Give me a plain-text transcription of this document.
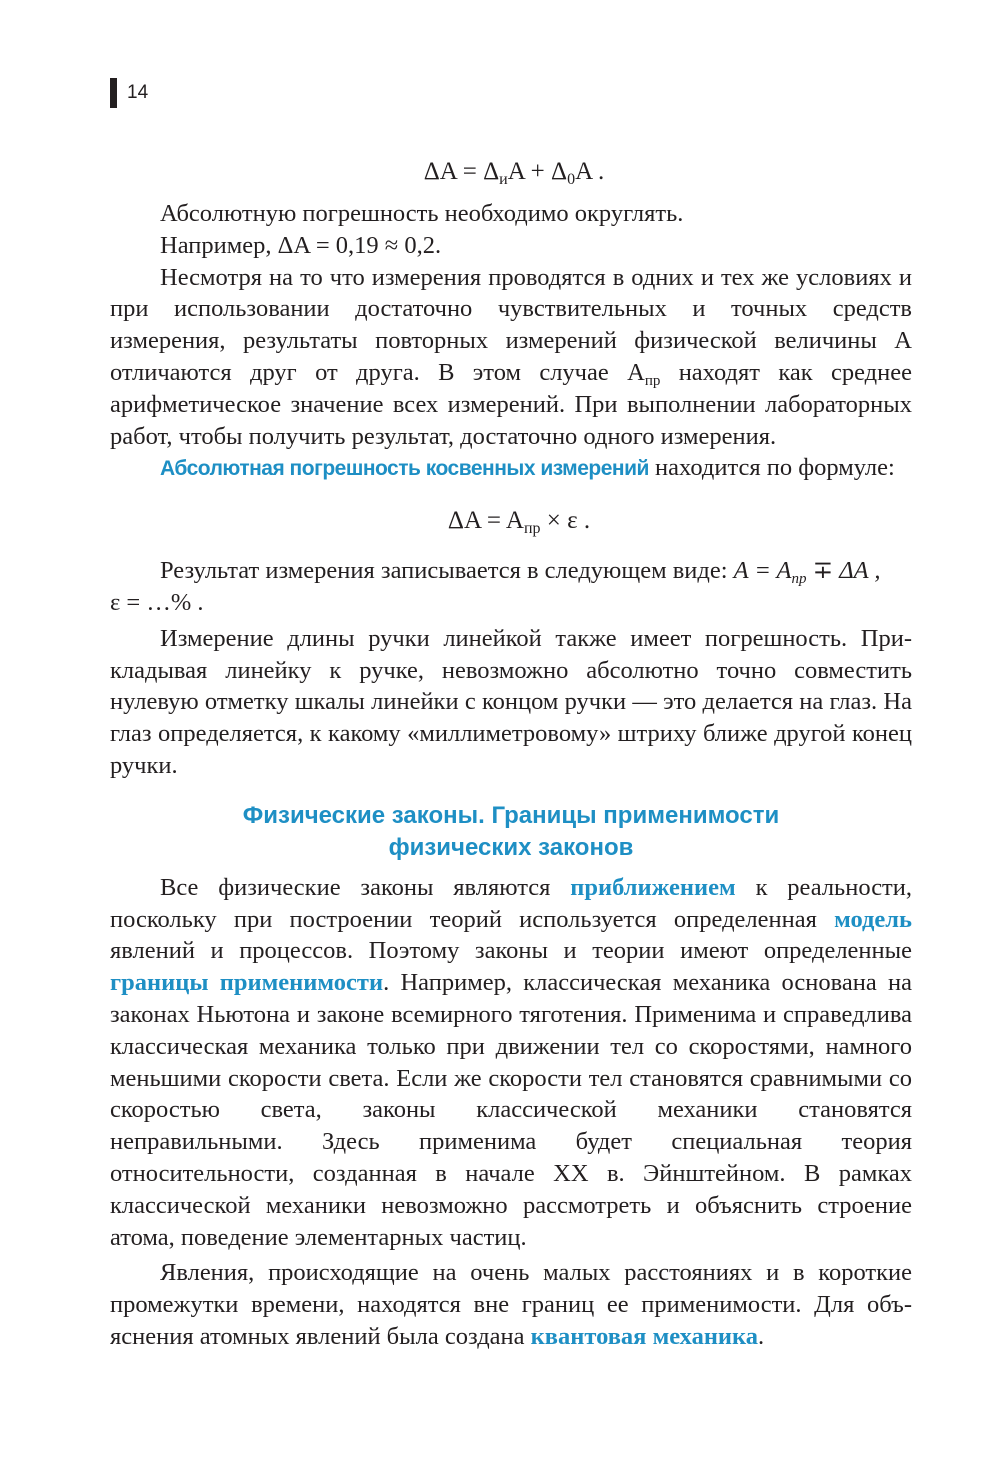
14
$\Delta A = \Delta_иA + \Delta_0A$ .

Абсолютную погрешность необходимо округлять.

Например, ΔA = 0,19 ≈ 0,2.

Несмотря на то что измерения проводятся в одних и тех же условиях и при использовании достаточно чувствительных и точных средств измерения, результаты повторных измерений физической величины A отличаются друг от друга. В этом случае $A_{пр}$ находят как среднее арифметическое значение всех измерений. При выполнении лабораторных работ, чтобы получить результат, достаточно одного измерения.

Абсолютная погрешность косвенных измерений находится по формуле:

$\Delta A = A_{пр} \times \varepsilon$ .

Результат измерения записывается в следующем виде: $A = A_{пр} \mp \Delta A$ ,

ε = …% .

Измерение длины ручки линейкой также имеет погрешность. Прикладывая линейку к ручке, невозможно абсолютно точно совместить нулевую отметку шкалы линейки с концом ручки — это делается на глаз. На глаз определяется, к какому «миллиметровому» штриху ближе другой конец ручки.

Физические законы. Границы применимости
физических законов

Все физические законы являются приближением к реальности, поскольку при построении теорий используется определенная модель явлений и процессов. Поэтому законы и теории имеют определенные границы применимости. Например, классическая механика основана на законах Ньютона и законе всемирного тяготения. Применима и справедлива классическая механика только при движении тел со скоростями, намного меньшими скорости света. Если же скорости тел становятся сравнимыми со скоростью света, законы классической механики становятся неправильными. Здесь применима будет специальная теория относительности, созданная в начале XX в. Эйнштейном. В рамках классической механики невозможно рассмотреть и объяснить строение атома, поведение элементарных частиц.

Явления, происходящие на очень малых расстояниях и в короткие промежутки времени, находятся вне границ ее применимости. Для объяснения атомных явлений была создана квантовая механика.
